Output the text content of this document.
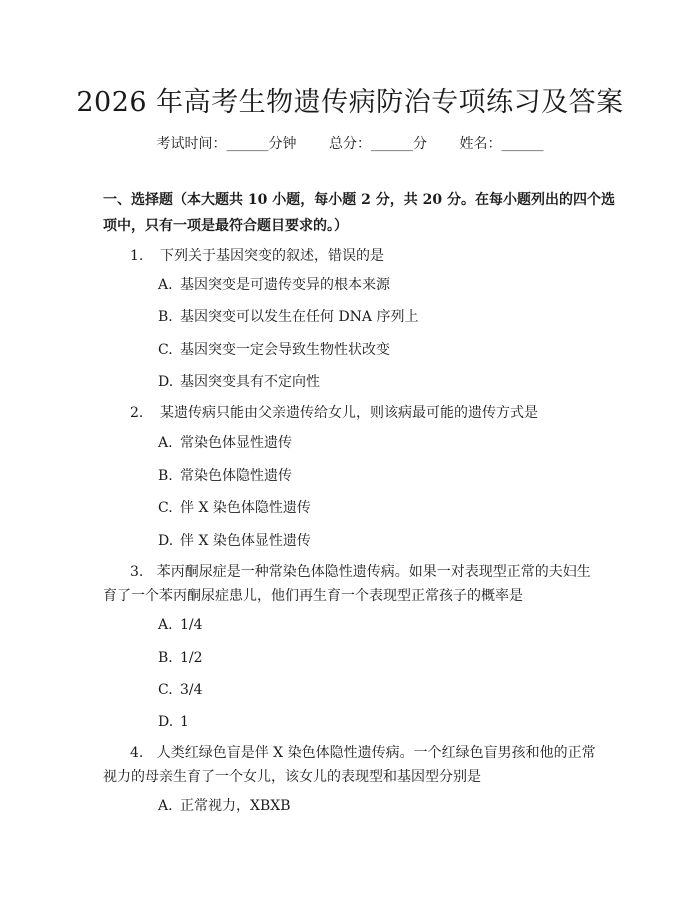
2026 年高考生物遗传病防治专项练习及答案
考试时间：______分钟 总分：______分 姓名：______
一、选择题（本大题共 10 小题，每小题 2 分，共 20 分。在每小题列出的四个选项中，只有一项是最符合题目要求的。）
1. 下列关于基因突变的叙述，错误的是
A. 基因突变是可遗传变异的根本来源
B. 基因突变可以发生在任何 DNA 序列上
C. 基因突变一定会导致生物性状改变
D. 基因突变具有不定向性
2. 某遗传病只能由父亲遗传给女儿，则该病最可能的遗传方式是
A. 常染色体显性遗传
B. 常染色体隐性遗传
C. 伴 X 染色体隐性遗传
D. 伴 X 染色体显性遗传
3. 苯丙酮尿症是一种常染色体隐性遗传病。如果一对表现型正常的夫妇生育了一个苯丙酮尿症患儿，他们再生育一个表现型正常孩子的概率是
A. 1/4
B. 1/2
C. 3/4
D. 1
4. 人类红绿色盲是伴 X 染色体隐性遗传病。一个红绿色盲男孩和他的正常视力的母亲生育了一个女儿，该女儿的表现型和基因型分别是
A. 正常视力，XBXB
